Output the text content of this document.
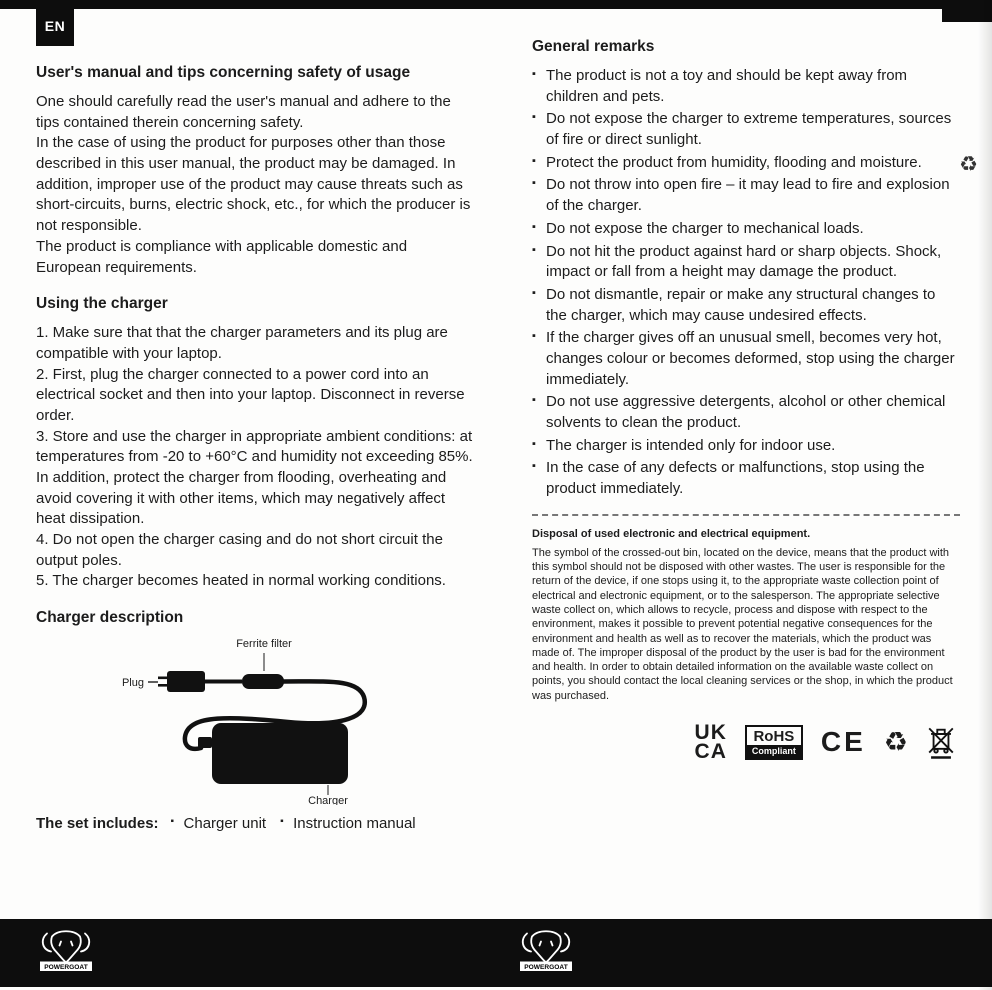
EN
♻
User's manual and tips concerning safety of usage
One should carefully read the user's manual and adhere to the tips contained therein concerning safety.
In the case of using the product for purposes other than those described in this user manual, the product may be damaged. In addition, improper use of the product may cause threats such as short-circuits, burns, electric shock, etc., for which the producer is not responsible.
The product is compliance with applicable domestic and European requirements.
Using the charger
1. Make sure that that the charger parameters and its plug are compatible with your laptop.
2. First, plug the charger connected to a power cord into an electrical socket and then into your laptop. Disconnect in reverse order.
3. Store and use the charger in appropriate ambient conditions: at temperatures from -20 to +60°C and humidity not exceeding 85%. In addition, protect the charger from flooding, overheating and avoid covering it with other items, which may negatively affect heat dissipation.
4. Do not open the charger casing and do not short circuit the output poles.
5. The charger becomes heated in normal working conditions.
Charger description
Ferrite filter
Plug
Charger
The set includes:	▪ Charger unit	▪ Instruction manual
General remarks
▪ The product is not a toy and should be kept away from children and pets.
▪ Do not expose the charger to extreme temperatures, sources of fire or direct sunlight.
▪ Protect the product from humidity, flooding and moisture.
▪ Do not throw into open fire – it may lead to fire and explosion of the charger.
▪ Do not expose the charger to mechanical loads.
▪ Do not hit the product against hard or sharp objects. Shock, impact or fall from a height may damage the product.
▪ Do not dismantle, repair or make any structural changes to the charger, which may cause undesired effects.
▪ If the charger gives off an unusual smell, becomes very hot, changes colour or becomes deformed, stop using the charger immediately.
▪ Do not use aggressive detergents, alcohol or other chemical solvents to clean the product.
▪ The charger is intended only for indoor use.
▪ In the case of any defects or malfunctions, stop using the product immediately.
Disposal of used electronic and electrical equipment.
The symbol of the crossed-out bin, located on the device, means that the product with this symbol should not be disposed with other wastes. The user is responsible for the return of the device, if one stops using it, to the appropriate waste collection point of electrical and electronic equipment, or to the salesperson. The appropriate selective waste collect on, which allows to recycle, process and dispose with respect to the environment, makes it possible to prevent potential negative consequences for the environment and health as well as to recover the materials, which the product was made of. The improper disposal of the product by the user is bad for the environment and health. In order to obtain detailed information on the available waste collect on points, you should contact the local cleaning services or the shop, in which the product was purchased.
UK
CA
RoHS
Compliant CE ♻
POWERGOAT	POWERGOAT
